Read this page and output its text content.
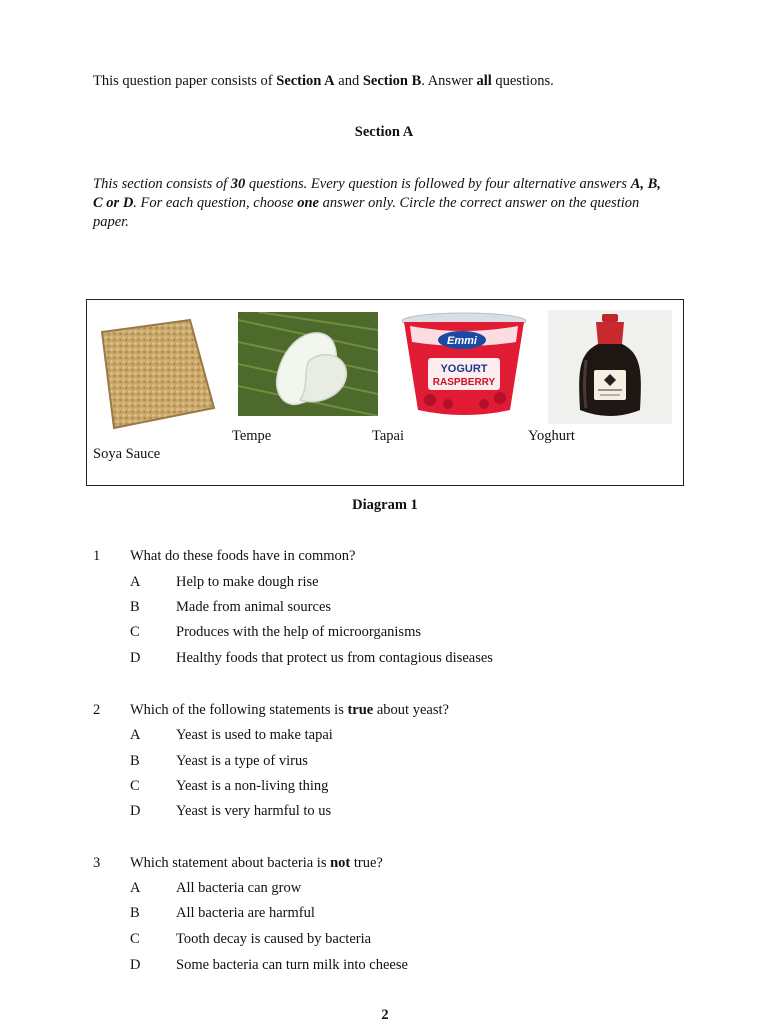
This question paper consists of Section A and Section B. Answer all questions.
Section A
This section consists of 30 questions. Every question is followed by four alternative answers A, B, C or D. For each question, choose one answer only. Circle the correct answer on the question paper.
Emmi
YOGURT
RASPBERRY
Tempe	Tapai	Yoghurt
Soya Sauce
Diagram 1
1 What do these foods have in common?
A Help to make dough rise
B	Made from animal sources
C	Produces with the help of microorganisms
D Healthy foods that protect us from contagious diseases
2 Which of the following statements is true about yeast?
A Yeast is used to make tapai
B	Yeast is a type of virus
C	Yeast is a non-living thing
D Yeast is very harmful to us
3 Which statement about bacteria is not true?
A All bacteria can grow
B	All bacteria are harmful
C	Tooth decay is caused by bacteria
D Some bacteria can turn milk into cheese
2
